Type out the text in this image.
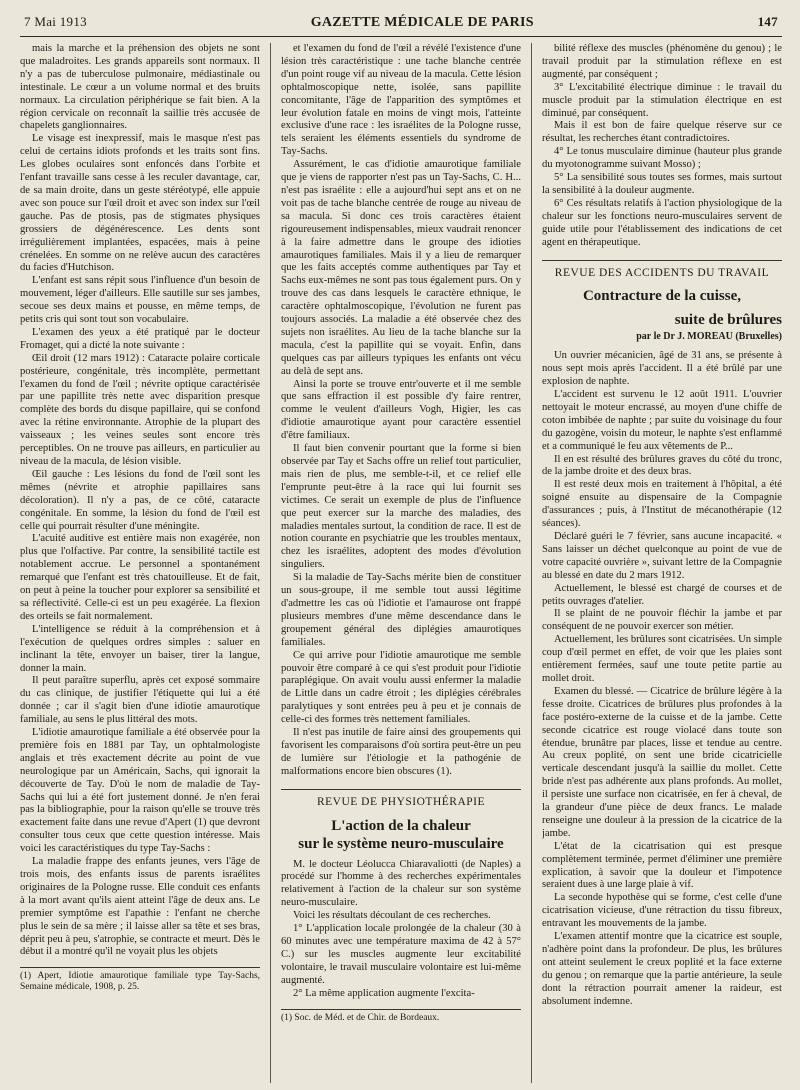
7 Mai 1913	GAZETTE MÉDICALE DE PARIS	147

mais la marche et la préhension des objets ne sont que maladroites. Les grands appareils sont normaux. Il n'y a pas de tuberculose pulmonaire, médiastinale ou intestinale. Le cœur a un volume normal et des bruits normaux. La circulation périphérique se fait bien. A la région cervicale on reconnaît la saillie très accusée de chapelets ganglionnaires.

Le visage est inexpressif, mais le masque n'est pas celui de certains idiots profonds et les traits sont fins. Les globes oculaires sont enfoncés dans l'orbite et l'enfant travaille sans cesse à les reculer davantage, car, de sa main droite, dans un geste stéréotypé, elle appuie avec son pouce sur l'œil droit et avec son index sur l'œil gauche. Pas de ptosis, pas de stigmates physiques grossiers de dégénérescence. Les dents sont irrégulièrement implantées, espacées, mais à peine crénelées. En somme on ne relève aucun des caractères du facies d'Hutchison.

L'enfant est sans répit sous l'influence d'un besoin de mouvement, léger d'ailleurs. Elle sautille sur ses jambes, secoue ses deux mains et pousse, en même temps, de petits cris qui sont tout son vocabulaire.

L'examen des yeux a été pratiqué par le docteur Fromaget, qui a dicté la note suivante :

Œil droit (12 mars 1912) : Cataracte polaire corticale postérieure, congénitale, très incomplète, permettant l'examen du fond de l'œil ; névrite optique caractérisée par une papillite très nette avec disparition presque complète des bords du disque papillaire, qui se confond avec la rétine environnante. Atrophie de la plupart des vaisseaux ; les veines seules sont encore très perceptibles. On ne trouve pas ailleurs, en particulier au niveau de la macula, de lésion visible.

Œil gauche : Les lésions du fond de l'œil sont les mêmes (névrite et atrophie papillaires sans décoloration). Il n'y a pas, de ce côté, cataracte congénitale. En somme, la lésion du fond de l'œil est celle qui pourrait résulter d'une méningite.

L'acuité auditive est entière mais non exagérée, non plus que l'olfactive. Par contre, la sensibilité tactile est notablement accrue. Le personnel a spontanément remarqué que l'enfant est très chatouilleuse. Et de fait, on peut à peine la toucher pour explorer sa sensibilité et sa réflectivité. Celle-ci est un peu exagérée. La flexion des orteils se fait normalement.

L'intelligence se réduit à la compréhension et à l'exécution de quelques ordres simples : saluer en inclinant la tête, envoyer un baiser, tirer la langue, donner la main.

Il peut paraître superflu, après cet exposé sommaire du cas clinique, de justifier l'étiquette qui lui a été donnée ; car il s'agit bien d'une idiotie amaurotique familiale, au sens le plus littéral des mots.

L'idiotie amaurotique familiale a été observée pour la première fois en 1881 par Tay, un ophtalmologiste anglais et très exactement décrite au point de vue neurologique par un Américain, Sachs, qui ignorait la découverte de Tay. D'où le nom de maladie de Tay-Sachs qui lui a été fort justement donné. Je n'en ferai pas la bibliographie, pour la raison qu'elle se trouve très exactement faite dans une revue d'Apert (1) que devront consulter tous ceux que cette question intéresse. Mais voici les caractéristiques du type Tay-Sachs :

La maladie frappe des enfants jeunes, vers l'âge de trois mois, des enfants issus de parents israélites originaires de la Pologne russe. Elle conduit ces enfants à la mort avant qu'ils aient atteint l'âge de deux ans. Le premier symptôme est l'apathie : l'enfant ne cherche plus le sein de sa mère ; il laisse aller sa tête et ses bras, déprit peu à peu, s'atrophie, se contracte et meurt. Dès le début il a montré qu'il ne voyait plus les objets

(1) Apert, Idiotie amaurotique familiale type Tay-Sachs, Semaine médicale, 1908, p. 25.

et l'examen du fond de l'œil a révélé l'existence d'une lésion très caractéristique : une tache blanche centrée d'un point rouge vif au niveau de la macula. Cette lésion ophtalmoscopique nette, isolée, sans papillite concomitante, l'âge de l'apparition des symptômes et leur évolution fatale en moins de vingt mois, l'atteinte exclusive d'une race : les israélites de la Pologne russe, tels seraient les éléments essentiels du syndrome de Tay-Sachs.

Assurément, le cas d'idiotie amaurotique familiale que je viens de rapporter n'est pas un Tay-Sachs, C. H... n'est pas israélite : elle a aujourd'hui sept ans et on ne voit pas de tache blanche centrée de rouge au niveau de sa macula. Si donc ces trois caractères étaient rigoureusement indispensables, mieux vaudrait renoncer à la faire admettre dans le groupe des idioties amaurotiques familiales. Mais il y a lieu de remarquer que les faits acceptés comme authentiques par Tay et Sachs eux-mêmes ne sont pas tous également purs. On y trouve des cas dans lesquels le caractère ethnique, le caractère ophtalmoscopique, l'évolution ne furent pas toujours associés. La maladie a été observée chez des sujets non israélites. Au lieu de la tache blanche sur la macula, c'est la papillite qui se voyait. Enfin, dans quelques cas par ailleurs typiques les enfants ont vécu au delà de sept ans.

Ainsi la porte se trouve entr'ouverte et il me semble que sans effraction il est possible d'y faire rentrer, comme le veulent d'ailleurs Vogh, Higier, les cas d'idiotie amaurotique ayant pour caractère essentiel d'être familiaux.

Il faut bien convenir pourtant que la forme si bien observée par Tay et Sachs offre un relief tout particulier, mais rien de plus, me semble-t-il, et ce relief elle l'emprunte peut-être à la race qui lui fournit ses victimes. Ce serait un exemple de plus de l'influence que peut exercer sur la marche des maladies, des maladies mentales surtout, la condition de race. Il est de notion courante en psychiatrie que les troubles mentaux, chez les israélites, adoptent des modes d'évolution singuliers.

Si la maladie de Tay-Sachs mérite bien de constituer un sous-groupe, il me semble tout aussi légitime d'admettre les cas où l'idiotie et l'amaurose ont frappé plusieurs membres d'une même descendance dans le groupement général des diplégies amaurotiques familiales.

Ce qui arrive pour l'idiotie amaurotique me semble pouvoir être comparé à ce qui s'est produit pour l'idiotie paraplégique. On avait voulu aussi enfermer la maladie de Little dans un cadre étroit ; les diplégies cérébrales paralytiques y sont entrées peu à peu et je connais de celle-ci des formes très nettement familiales.

Il n'est pas inutile de faire ainsi des groupements qui favorisent les comparaisons d'où sortira peut-être un peu de lumière sur l'étiologie et la pathogénie de malformations encore bien obscures (1).

REVUE DE PHYSIOTHÉRAPIE
L'action de la chaleur
sur le système neuro-musculaire

M. le docteur Léolucca Chiaravaliotti (de Naples) a procédé sur l'homme à des recherches expérimentales relativement à l'action de la chaleur sur son système neuro-musculaire.

Voici les résultats découlant de ces recherches.

1° L'application locale prolongée de la chaleur (30 à 60 minutes avec une température maxima de 42 à 57° C.) sur les muscles augmente leur excitabilité volontaire, le travail musculaire volontaire est lui-même augmenté.

2° La même application augmente l'excita-

(1) Soc. de Méd. et de Chir. de Bordeaux.

bilité réflexe des muscles (phénomène du genou) ; le travail produit par la stimulation réflexe en est augmenté, par conséquent ;

3° L'excitabilité électrique diminue : le travail du muscle produit par la stimulation électrique en est diminué, par conséquent.

Mais il est bon de faire quelque réserve sur ce résultat, les recherches étant contradictoires.

4° Le tonus musculaire diminue (hauteur plus grande du myotonogramme suivant Mosso) ;

5° La sensibilité sous toutes ses formes, mais surtout la sensibilité à la douleur augmente.

6° Ces résultats relatifs à l'action physiologique de la chaleur sur les fonctions neuro-musculaires servent de guide utile pour l'établissement des indications de cet agent en thérapeutique.

REVUE DES ACCIDENTS DU TRAVAIL
Contracture de la cuisse,
suite de brûlures
par le Dr J. MOREAU (Bruxelles)

Un ouvrier mécanicien, âgé de 31 ans, se présente à nous sept mois après l'accident. Il a été brûlé par une explosion de naphte.

L'accident est survenu le 12 août 1911. L'ouvrier nettoyait le moteur encrassé, au moyen d'une chiffe de coton imbibée de naphte ; par suite du voisinage du four du gazogène, voisin du moteur, le naphte s'est enflammé et a communiqué le feu aux vêtements de P...

Il en est résulté des brûlures graves du côté du tronc, de la jambe droite et des deux bras.

Il est resté deux mois en traitement à l'hôpital, a été soigné ensuite au dispensaire de la Compagnie d'assurances ; puis, à l'Institut de mécanothérapie (12 séances).

Déclaré guéri le 7 février, sans aucune incapacité. « Sans laisser un déchet quelconque au point de vue de votre capacité ouvrière », suivant lettre de la Compagnie au blessé en date du 2 mars 1912.

Actuellement, le blessé est chargé de courses et de petits ouvrages d'atelier.

Il se plaint de ne pouvoir fléchir la jambe et par conséquent de ne pouvoir exercer son métier.

Actuellement, les brûlures sont cicatrisées. Un simple coup d'œil permet en effet, de voir que les plaies sont entièrement fermées, sauf une toute petite partie au mollet droit.

Examen du blessé. — Cicatrice de brûlure légère à la fesse droite. Cicatrices de brûlures plus profondes à la face postéro-externe de la cuisse et de la jambe. Cette seconde cicatrice est rouge violacé dans toute son étendue, brunâtre par places, lisse et tendue au centre. Au creux poplité, on sent une bride cicatricielle verticale descendant jusqu'à la saillie du mollet. Cette bride n'est pas adhérente aux plans profonds. Au mollet, il persiste une surface non cicatrisée, en fer à cheval, de la grandeur d'une pièce de deux francs. Le malade renseigne une douleur à la pression de la cicatrice de la jambe.

L'état de la cicatrisation qui est presque complètement terminée, permet d'éliminer une première explication, à savoir que la douleur et l'impotence seraient dues à une large plaie à vif.

La seconde hypothèse qui se forme, c'est celle d'une cicatrisation vicieuse, d'une rétraction du tissu fibreux, entravant les mouvements de la jambe.

L'examen attentif montre que la cicatrice est souple, n'adhère point dans la profondeur. De plus, les brûlures ont atteint seulement le creux poplité et la face externe du genou ; on remarque que la partie antérieure, la seule dont la rétraction pourrait amener la raideur, est absolument indemne.
